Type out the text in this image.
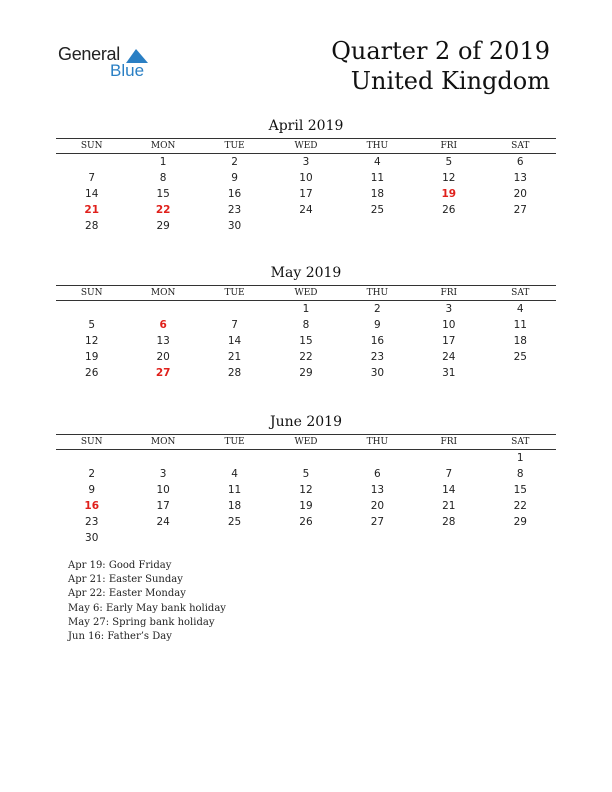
General
Blue
Quarter 2 of 2019
United Kingdom
April 2019
SUN	MON	TUE	WED	THU	FRI	SAT
	1	2	3	4	5	6
7	8	9	10	11	12	13
14	15	16	17	18	19	20
21	22	23	24	25	26	27
28	29	30				
May 2019
SUN	MON	TUE	WED	THU	FRI	SAT
			1	2	3	4
5	6	7	8	9	10	11
12	13	14	15	16	17	18
19	20	21	22	23	24	25
26	27	28	29	30	31	
June 2019
SUN	MON	TUE	WED	THU	FRI	SAT
						1
2	3	4	5	6	7	8
9	10	11	12	13	14	15
16	17	18	19	20	21	22
23	24	25	26	27	28	29
30						
Apr 19: Good Friday
Apr 21: Easter Sunday
Apr 22: Easter Monday
May 6: Early May bank holiday
May 27: Spring bank holiday
Jun 16: Father’s Day
